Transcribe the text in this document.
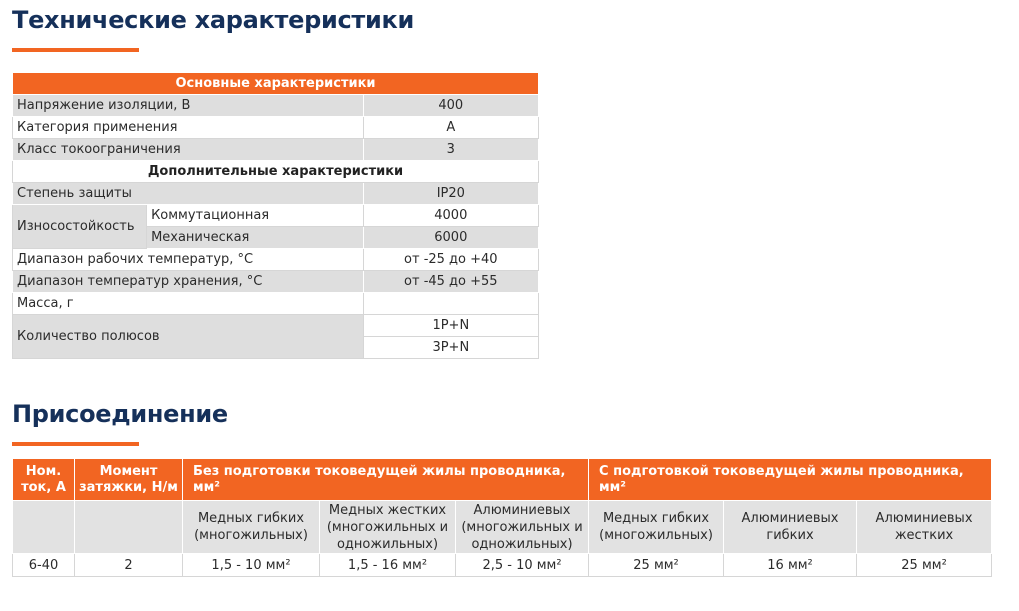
Технические характеристики
Основные характеристики		
Напряжение изоляции, В		400
Категория применения		A
Класс токоограничения		3
Дополнительные характеристики		
Степень защиты		IP20
Износостойкость	Коммутационная	4000
	Механическая	6000
Диапазон рабочих температур, °C		от -25 до +40
Диапазон температур хранения, °C		от -45 до +55
Масса, г		
Количество полюсов		1P+N
		3P+N
Присоединение
Ном. ток, А	Момент затяжки, Н/м	Без подготовки токоведущей жилы проводника, мм²			С подготовкой токоведущей жилы проводника, мм²		
		Медных гибких (многожильных)	Медных жестких (многожильных и одножильных)	Алюминиевых (многожильных и одножильных)	Медных гибких (многожильных)	Алюминиевых гибких	Алюминиевых жестких
6-40	2	1,5 - 10 мм²	1,5 - 16 мм²	2,5 - 10 мм²	25 мм²	16 мм²	25 мм²
